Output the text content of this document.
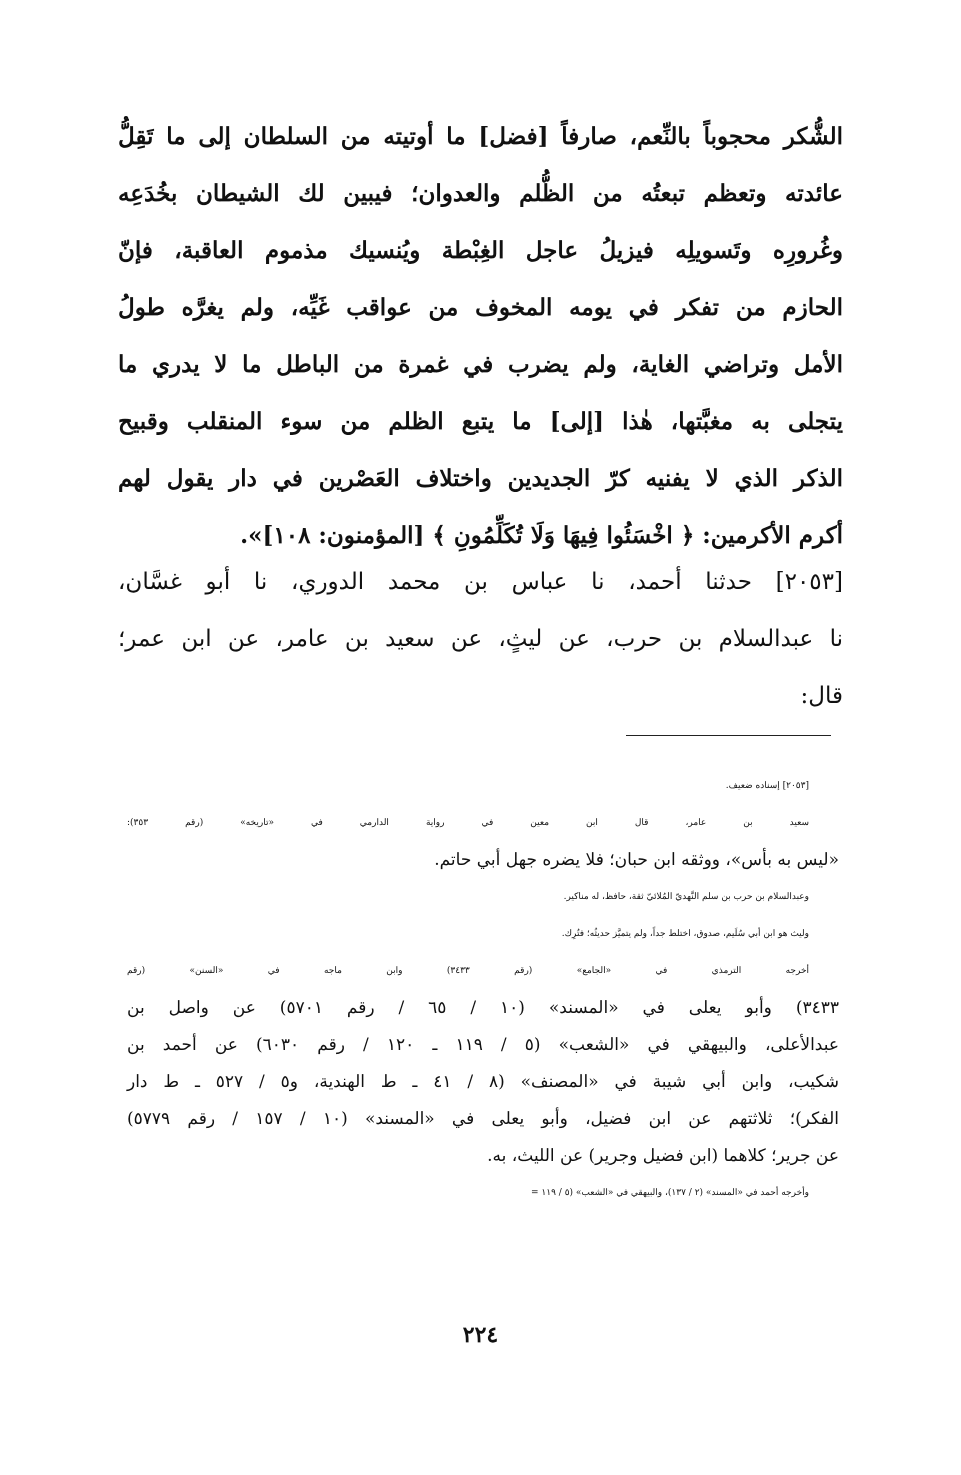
الشُّكر محجوباً بالنِّعم، صارفاً [فضل] ما أوتيته من السلطان إلى ما تَقِلُّ
عائدته وتعظم تبعتُه من الظُّلم والعدوان؛ فيبين لك الشيطان بخُدَعِه
وغُرورِه وتَسويلِه فيزيلُ عاجل الغِبْطة ويُنسيك مذموم العاقبة، فإنّ
الحازم من تفكر في يومه المخوف من عواقب غَيِّه، ولم يغرَّه طولُ
الأمل وتراضي الغاية، ولم يضرب في غمرة من الباطل ما لا يدري ما
يتجلى به مغبَّتها، هٰذا [إلى] ما يتبع الظلم من سوء المنقلب وقبيح
الذكر الذي لا يفنيه كرّ الجديدين واختلاف العَصْرين في دار يقول لهم
أكرم الأكرمين: ﴿ اخْسَئُوا فِيهَا وَلَا تُكَلِّمُونِ ﴾ [المؤمنون: ١٠٨]».
[٢٠٥٣] حدثنا أحمد، نا عباس بن محمد الدوري، نا أبو غسَّان،
نا عبدالسلام بن حرب، عن ليثٍ، عن سعيد بن عامر، عن ابن عمر؛
قال:
[٢٠٥٣] إسناده ضعيف.
سعيد بن عامر، قال ابن معين في رواية الدارمي في «تاريخه» (رقم ٣٥٣):
«ليس به بأس»، ووثقه ابن حبان؛ فلا يضره جهل أبي حاتم.
وعبدالسلام بن حرب بن سلم النَّهديّ المُلائيّ ثقة، حافظ، له مناكير.
وليث هو ابن أبي سُلَيم، صدوق، اختلط جداً، ولم يتميَّز حديثُه؛ فتُرِك.
أخرجه الترمذي في «الجامع» (رقم ٣٤٣٣) وابن ماجه في «السنن» (رقم
٣٤٣٣) وأبو يعلى في «المسند» (١٠ / ٦٥ / رقم ٥٧٠١) عن واصل بن
عبدالأعلى، والبيهقي في «الشعب» (٥ / ١١٩ ـ ١٢٠ / رقم ٦٠٣٠) عن أحمد بن
شكيب، وابن أبي شيبة في «المصنف» (٨ / ٤١ ـ ط الهندية، و٥ / ٥٢٧ ـ ط دار
الفكر)؛ ثلاثتهم عن ابن فضيل، وأبو يعلى في «المسند» (١٠ / ١٥٧ / رقم ٥٧٧٩)
عن جرير؛ كلاهما (ابن فضيل وجرير) عن الليث، به.
وأخرجه أحمد في «المسند» (٢ / ١٣٧)، والبيهقي في «الشعب» (٥ / ١١٩ =
٢٢٤
